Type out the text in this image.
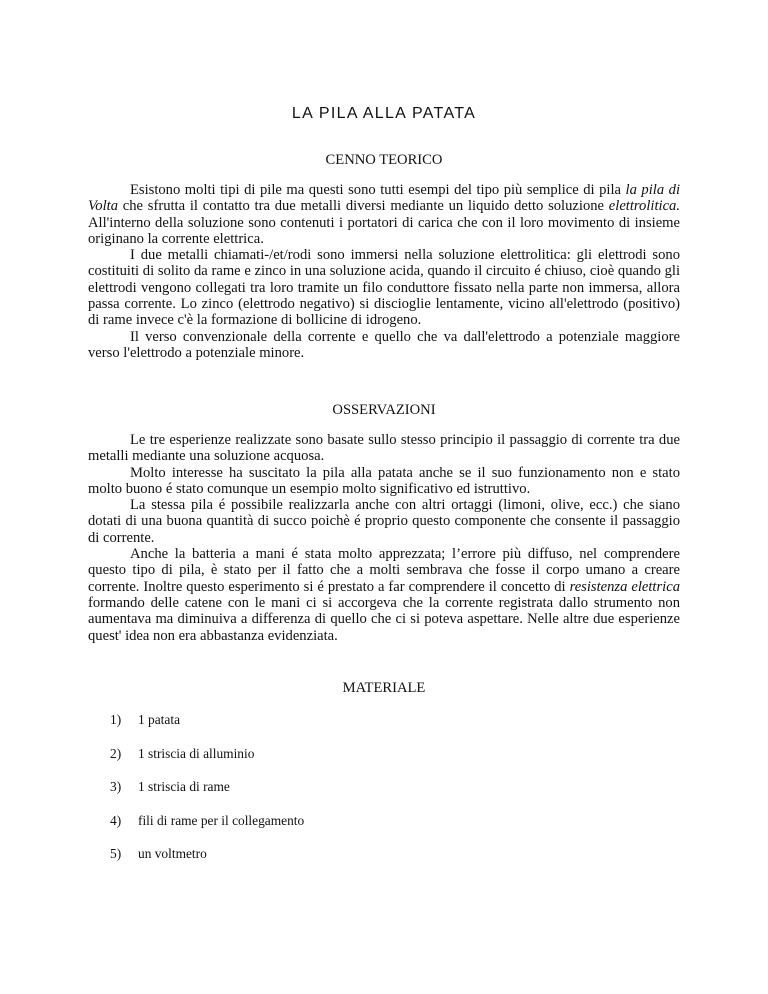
LA PILA ALLA PATATA
CENNO TEORICO

Esistono molti tipi di pile ma questi sono tutti esempi del tipo più semplice di pila la pila di Volta che sfrutta il contatto tra due metalli diversi mediante un liquido detto soluzione elettrolitica. All'interno della soluzione sono contenuti i portatori di carica che con il loro movimento di insieme originano la corrente elettrica.

I due metalli chiamati-/et/rodi sono immersi nella soluzione elettrolitica: gli elettrodi sono costituiti di solito da rame e zinco in una soluzione acida, quando il circuito é chiuso, cioè quando gli elettrodi vengono collegati tra loro tramite un filo conduttore fissato nella parte non immersa, allora passa corrente. Lo zinco (elettrodo negativo) si discioglie lentamente, vicino all'elettrodo (positivo) di rame invece c'è la formazione di bollicine di idrogeno.

Il verso convenzionale della corrente e quello che va dall'elettrodo a potenziale maggiore verso l'elettrodo a potenziale minore.

OSSERVAZIONI

Le tre esperienze realizzate sono basate sullo stesso principio il passaggio di corrente tra due metalli mediante una soluzione acquosa.

Molto interesse ha suscitato la pila alla patata anche se il suo funzionamento non e stato molto buono é stato comunque un esempio molto significativo ed istruttivo.

La stessa pila é possibile realizzarla anche con altri ortaggi (limoni, olive, ecc.) che siano dotati di una buona quantità di succo poichè é proprio questo componente che consente il passaggio di corrente.

Anche la batteria a mani é stata molto apprezzata; l’errore più diffuso, nel comprendere questo tipo di pila, è stato per il fatto che a molti sembrava che fosse il corpo umano a creare corrente. Inoltre questo esperimento si é prestato a far comprendere il concetto di resistenza elettrica formando delle catene con le mani ci si accorgeva che la corrente registrata dallo strumento non aumentava ma diminuiva a differenza di quello che ci si poteva aspettare. Nelle altre due esperienze quest' idea non era abbastanza evidenziata.

MATERIALE
1)	1 patata
2)	1 striscia di alluminio
3)	1 striscia di rame
4)	fili di rame per il collegamento
5)	un voltmetro
